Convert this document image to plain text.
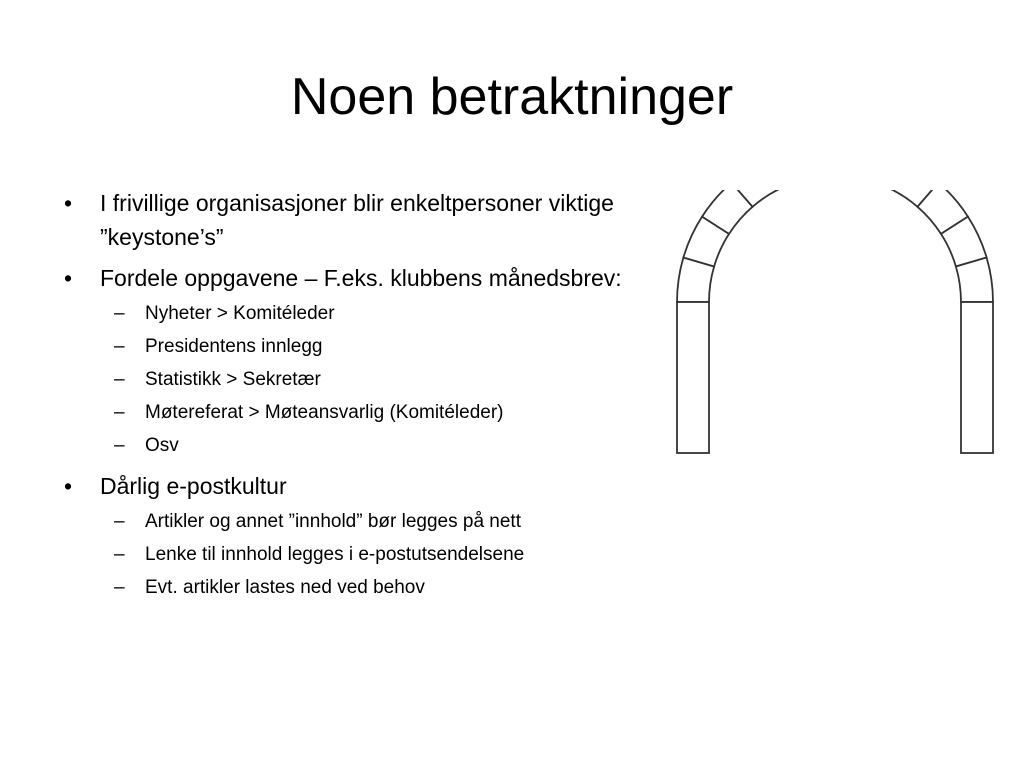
Noen betraktninger
• I frivillige organisasjoner blir enkeltpersoner viktige ”keystone’s”
• Fordele oppgavene – F.eks. klubbens månedsbrev:
– Nyheter > Komitéleder
– Presidentens innlegg
– Statistikk > Sekretær
– Møtereferat > Møteansvarlig (Komitéleder)
– Osv
• Dårlig e-postkultur
– Artikler og annet ”innhold” bør legges på nett
– Lenke til innhold legges i e-postutsendelsene
– Evt. artikler lastes ned ved behov
